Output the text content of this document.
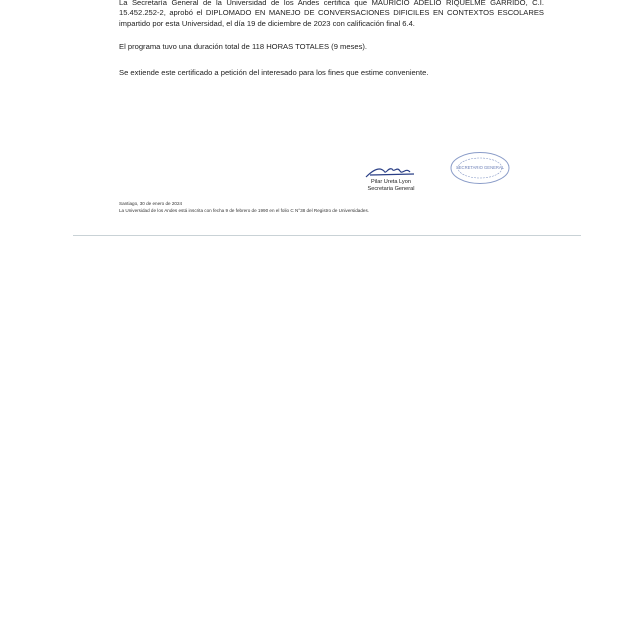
La Secretaría General de la Universidad de los Andes certifica que MAURICIO ADELIO RIQUELME GARRIDO, C.I. 15.452.252-2, aprobó el DIPLOMADO EN MANEJO DE CONVERSACIONES DIFICILES EN CONTEXTOS ESCOLARES impartido por esta Universidad, el día 19 de diciembre de 2023 con calificación final 6.4.
El programa tuvo una duración total de 118 HORAS TOTALES (9 meses).
Se extiende este certificado a petición del interesado para los fines que estime conveniente.
Pilar Ureta Lyon
Secretaria General
SECRETARIO GENERAL
Santiago, 30 de enero de 2024
La Universidad de los Andes está inscrita con fecha 9 de febrero de 1990 en el folio C N°38 del Registro de Universidades.
